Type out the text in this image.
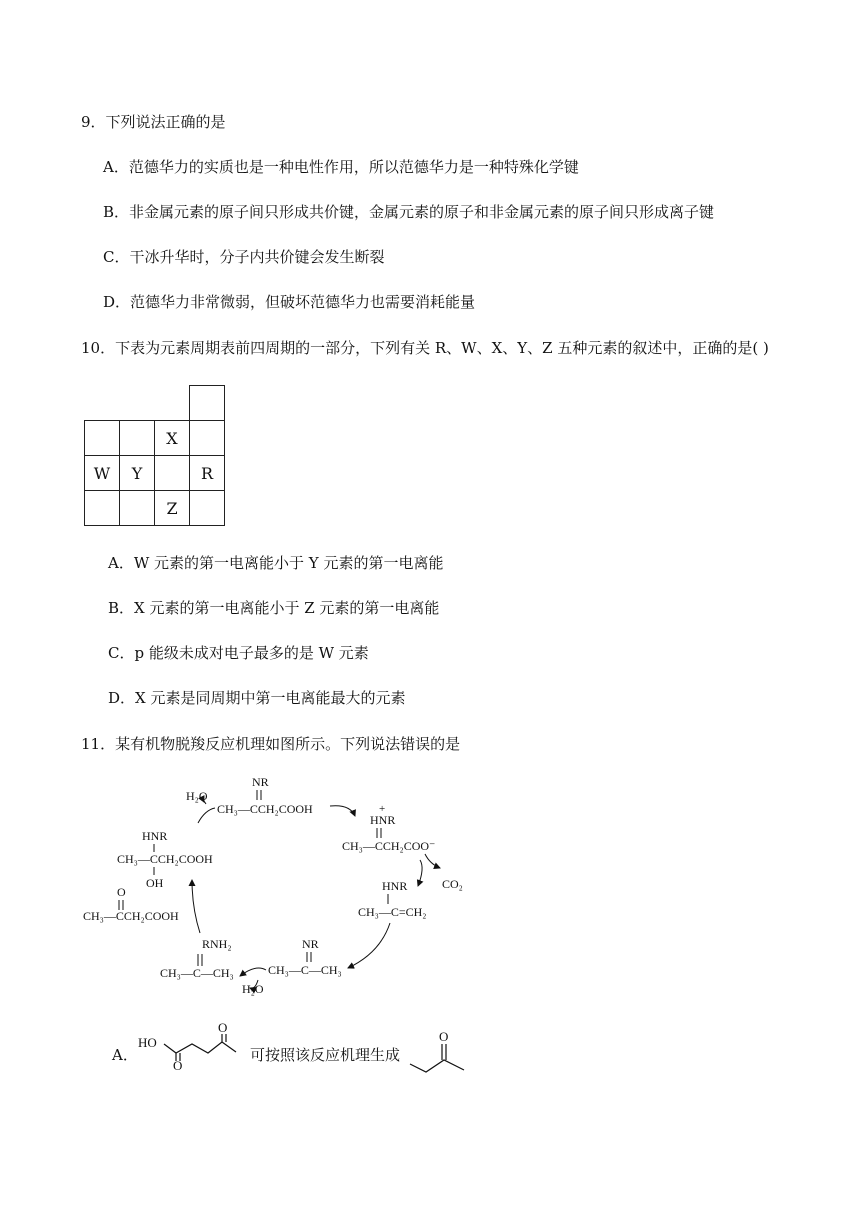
9．下列说法正确的是
A．范德华力的实质也是一种电性作用，所以范德华力是一种特殊化学键
B．非金属元素的原子间只形成共价键，金属元素的原子和非金属元素的原子间只形成离子键
C．干冰升华时，分子内共价键会发生断裂
D．范德华力非常微弱，但破坏范德华力也需要消耗能量
10．下表为元素周期表前四周期的一部分，下列有关 R、W、X、Y、Z 五种元素的叙述中，正确的是( )

		X	
W	Y		R
		Z	
A．W 元素的第一电离能小于 Y 元素的第一电离能
B．X 元素的第一电离能小于 Z 元素的第一电离能
C．p 能级未成对电子最多的是 W 元素
D．X 元素是同周期中第一电离能最大的元素
11．某有机物脱羧反应机理如图所示。下列说法错误的是
NR
CH₃—CCH₂COOH
H₂O
+
HNR
CH₃—CCH₂COO⁻
CO₂
HNR
CH₃—C=CH₂
NR
CH₃—C—CH₃
RNH₂
CH₃—C—CH₃
H₂O
O
CH₃—CCH₂COOH
HNR
CH₃—CCH₂COOH
OH
A．
HO
O
O
可按照该反应机理生成
O
